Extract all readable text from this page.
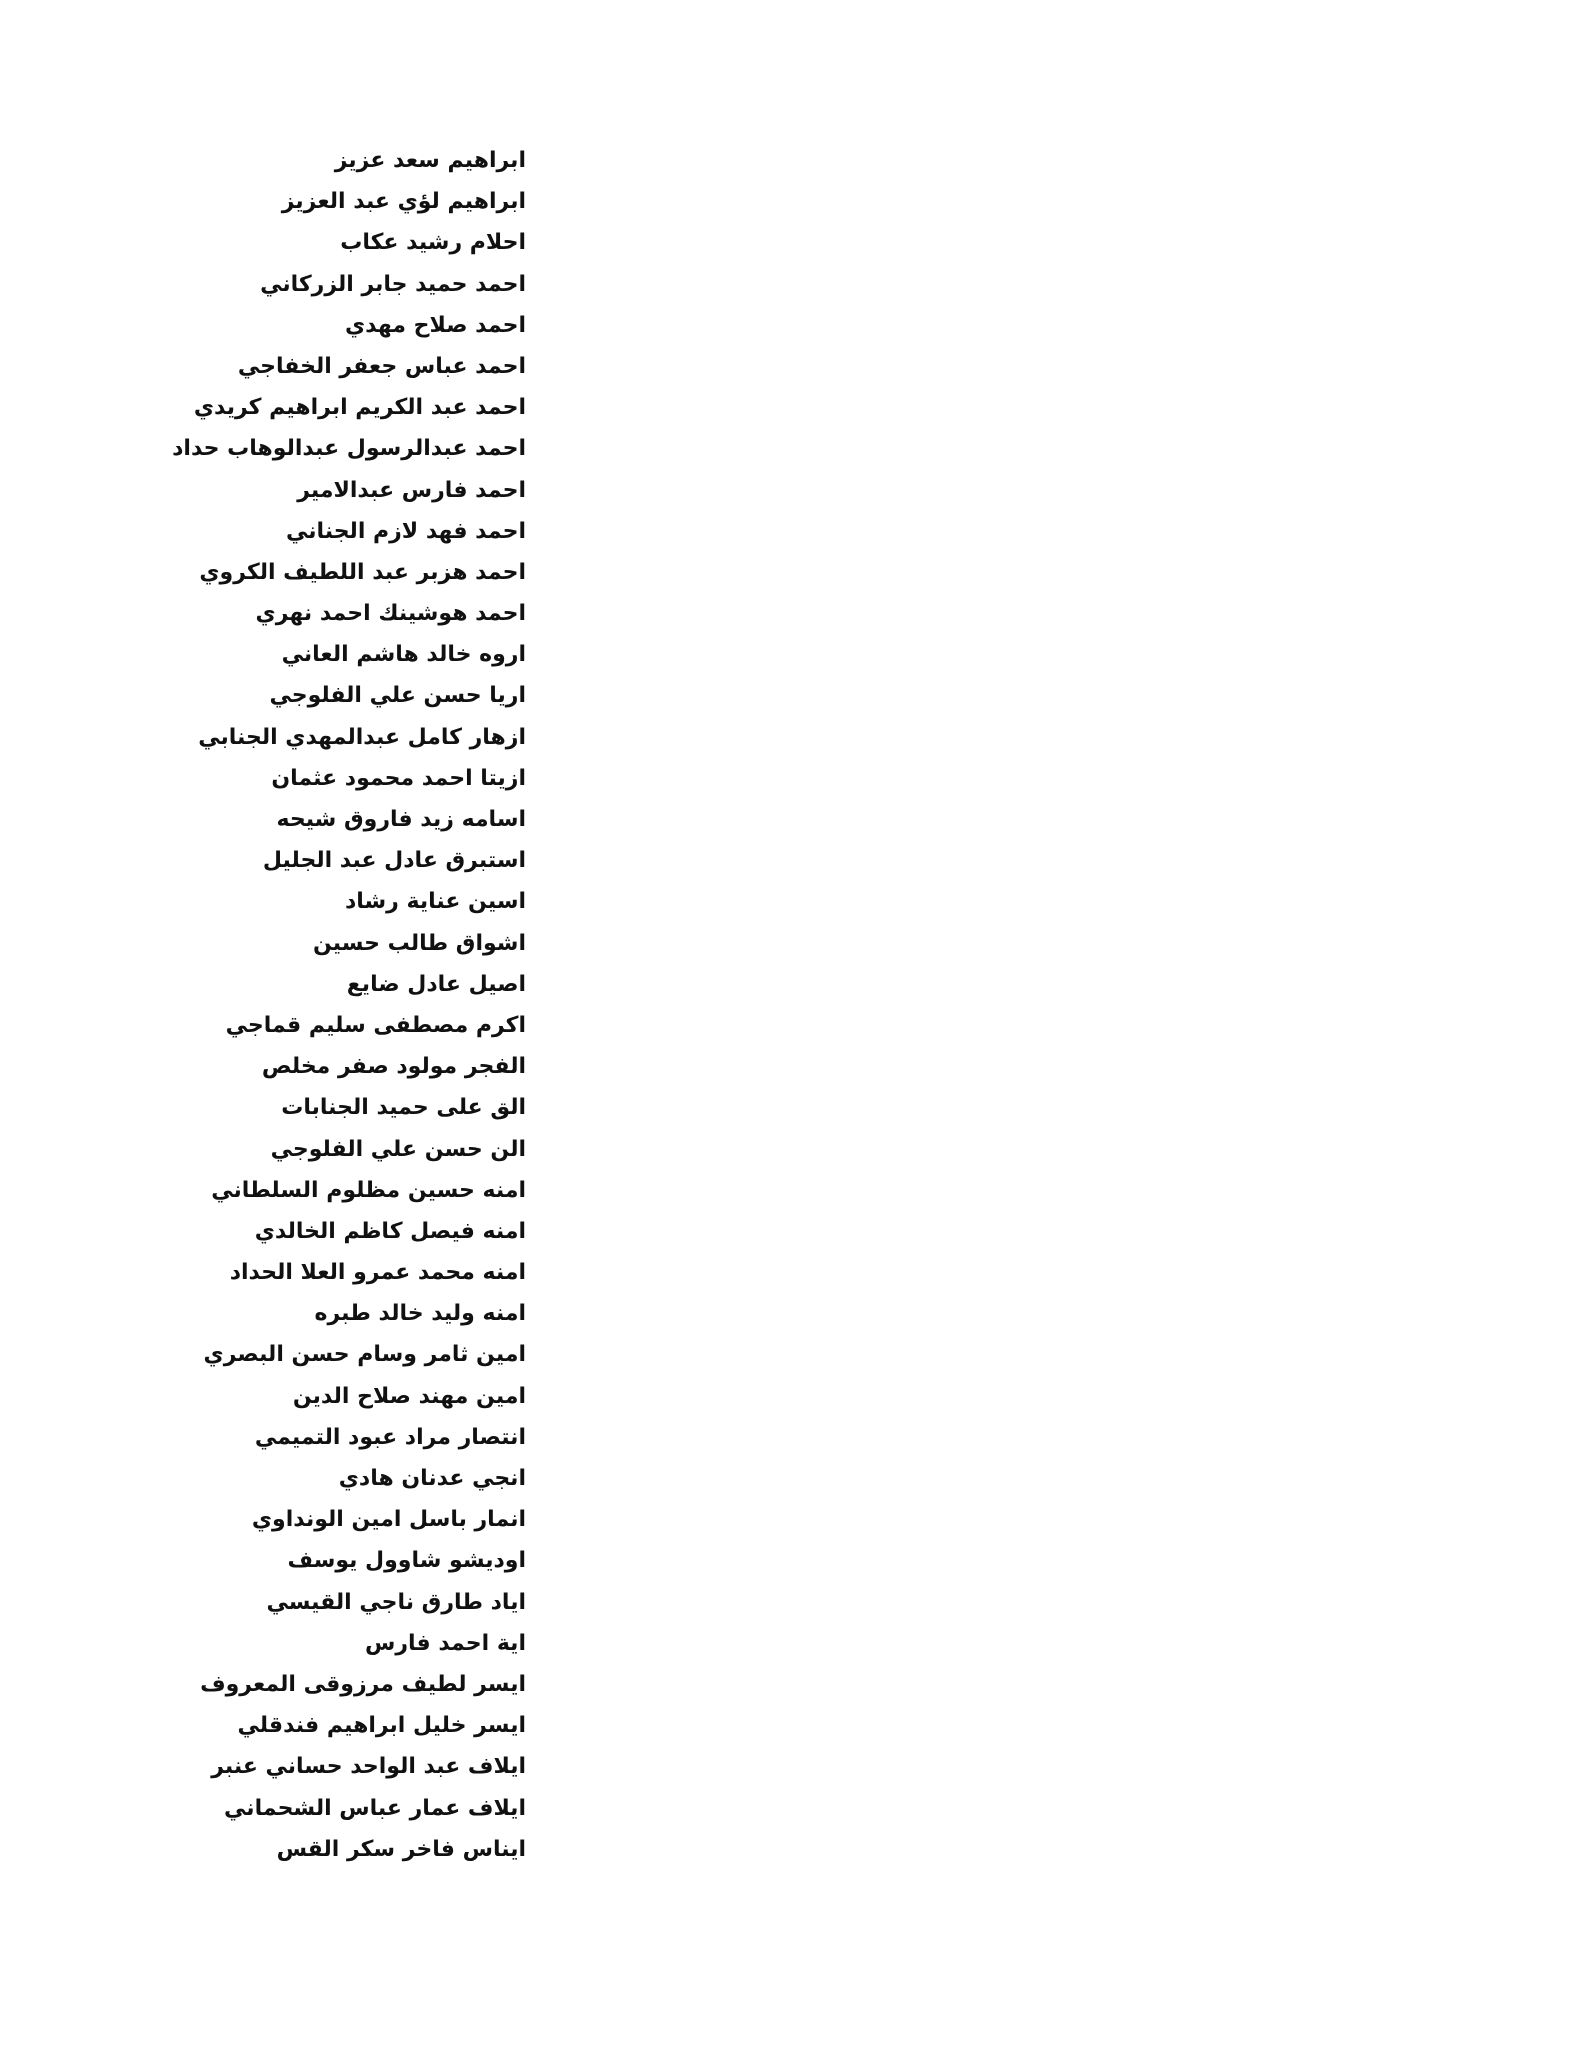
ابراهيم سعد عزيز
ابراهيم لؤي عبد العزيز
احلام رشيد عكاب
احمد حميد جابر الزركاني
احمد صلاح مهدي
احمد عباس جعفر الخفاجي
احمد عبد الكريم ابراهيم كريدي
احمد عبدالرسول عبدالوهاب حداد
احمد فارس عبدالامير
احمد فهد لازم الجناني
احمد هزبر عبد اللطيف الكروي
احمد هوشينك احمد نهري
اروه خالد هاشم العاني
اريا حسن علي الفلوجي
ازهار كامل عبدالمهدي الجنابي
ازيتا احمد محمود عثمان
اسامه زيد فاروق شيحه
استبرق عادل عبد الجليل
اسين عناية رشاد
اشواق طالب حسين
اصيل عادل ضايع
اكرم مصطفى سليم قماجي
الفجر مولود صفر مخلص
الق على حميد الجنابات
الن حسن علي الفلوجي
امنه حسين مظلوم السلطاني
امنه فيصل كاظم الخالدي
امنه محمد عمرو العلا الحداد
امنه وليد خالد طبره
امين ثامر وسام حسن البصري
امين مهند صلاح الدين
انتصار مراد عبود التميمي
انجي عدنان هادي
انمار باسل امين الونداوي
اوديشو شاوول يوسف
اياد طارق ناجي القيسي
اية احمد فارس
ايسر لطيف مرزوقى المعروف
ايسر خليل ابراهيم فندقلي
ايلاف عبد الواحد حساني عنبر
ايلاف عمار عباس الشحماني
ايناس فاخر سكر القس
